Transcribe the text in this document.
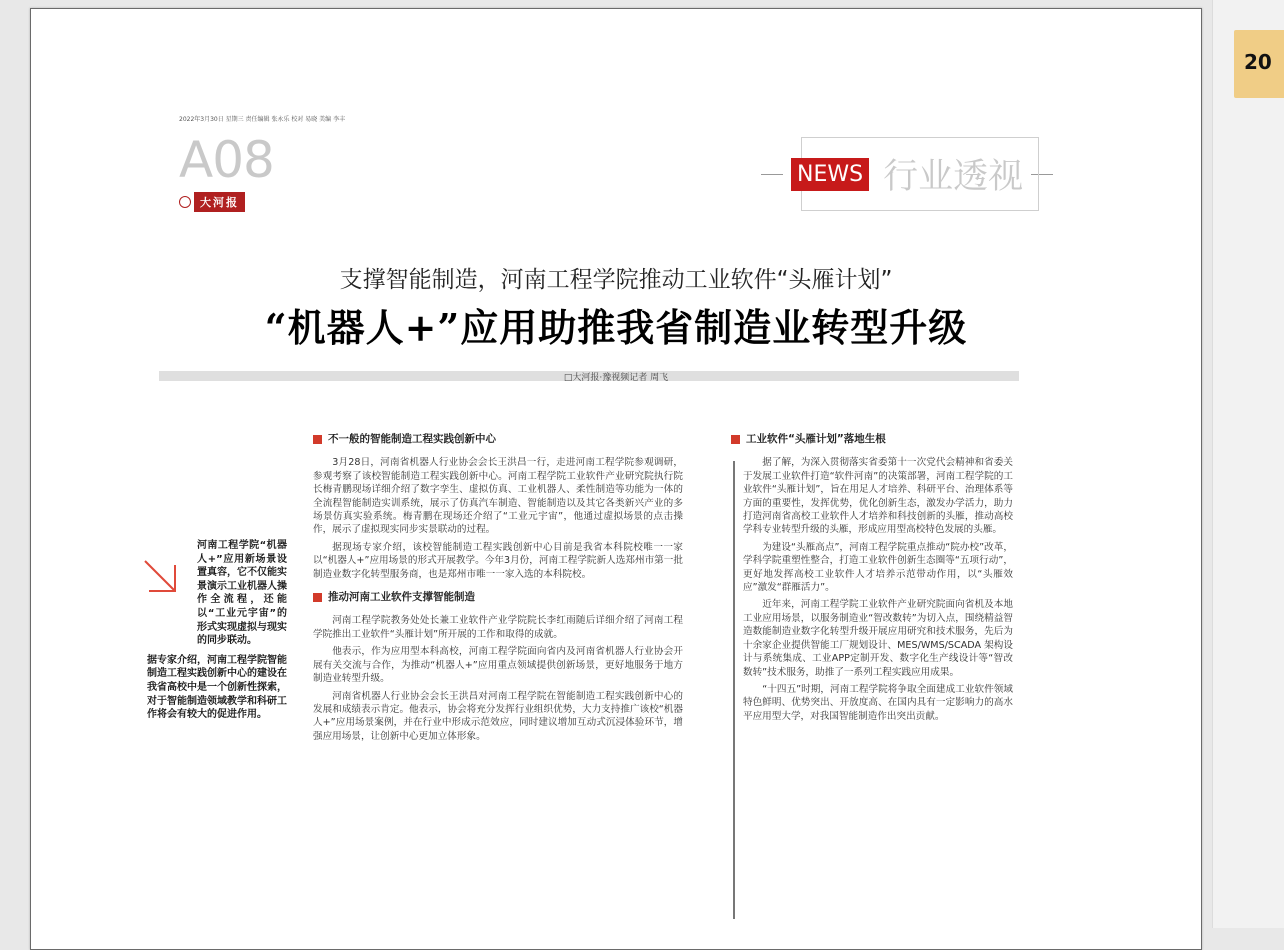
2022年3月30日 星期三 责任编辑 张永乐 校对 易晓 美编 李丰
A08
大河报
NEWS 行业透视
支撑智能制造，河南工程学院推动工业软件“头雁计划”
“机器人+”应用助推我省制造业转型升级
□大河报·豫视频记者 周飞

河南工程学院“机器人+”应用新场景设置真容，它不仅能实景演示工业机器人操作全流程，还能以“工业元宇宙”的形式实现虚拟与现实的同步联动。

据专家介绍，河南工程学院智能制造工程实践创新中心的建设在我省高校中是一个创新性探索，对于智能制造领域教学和科研工作将会有较大的促进作用。

不一般的智能制造工程实践创新中心

3月28日，河南省机器人行业协会会长王洪昌一行，走进河南工程学院参观调研，参观考察了该校智能制造工程实践创新中心。河南工程学院工业软件产业研究院执行院长梅青鹏现场详细介绍了数字孪生、虚拟仿真、工业机器人、柔性制造等功能为一体的全流程智能制造实训系统，展示了仿真汽车制造、智能制造以及其它各类新兴产业的多场景仿真实验系统。梅青鹏在现场还介绍了“工业元宇宙”，他通过虚拟场景的点击操作，展示了虚拟现实同步实景联动的过程。

据现场专家介绍，该校智能制造工程实践创新中心目前是我省本科院校唯一一家以“机器人+”应用场景的形式开展教学。今年3月份，河南工程学院新人选郑州市第一批制造业数字化转型服务商，也是郑州市唯一一家入选的本科院校。

推动河南工业软件支撑智能制造

河南工程学院教务处处长兼工业软件产业学院院长李红雨随后详细介绍了河南工程学院推出工业软件“头雁计划”所开展的工作和取得的成就。

他表示，作为应用型本科高校，河南工程学院面向省内及河南省机器人行业协会开展有关交流与合作，为推动“机器人+”应用重点领域提供创新场景，更好地服务于地方制造业转型升级。

河南省机器人行业协会会长王洪昌对河南工程学院在智能制造工程实践创新中心的发展和成绩表示肯定。他表示，协会将充分发挥行业组织优势，大力支持推广该校“机器人+”应用场景案例，并在行业中形成示范效应，同时建议增加互动式沉浸体验环节，增强应用场景，让创新中心更加立体形象。

工业软件“头雁计划”落地生根

据了解，为深入贯彻落实省委第十一次党代会精神和省委关于发展工业软件打造“软件河南”的决策部署，河南工程学院的工业软件“头雁计划”，旨在用足人才培养、科研平台、治理体系等方面的重要性，发挥优势，优化创新生态，激发办学活力，助力打造河南省高校工业软件人才培养和科技创新的头雁，推动高校学科专业转型升级的头雁，形成应用型高校特色发展的头雁。

为建设“头雁高点”，河南工程学院重点推动“院办校”改革，学科学院重塑性整合，打造工业软件创新生态圈等“五项行动”，更好地发挥高校工业软件人才培养示范带动作用，以“头雁效应”激发“群雁活力”。

近年来，河南工程学院工业软件产业研究院面向省机及本地工业应用场景，以服务制造业“智改数转”为切入点，围绕精益智造数能制造业数字化转型升级开展应用研究和技术服务，先后为十余家企业提供智能工厂规划设计、MES/WMS/SCADA 架构设计与系统集成、工业APP定制开发、数字化生产线设计等“智改数转”技术服务，助推了一系列工程实践应用成果。

“十四五”时期，河南工程学院将争取全面建成工业软件领域特色鲜明、优势突出、开放度高、在国内具有一定影响力的高水平应用型大学，对我国智能制造作出突出贡献。

20
